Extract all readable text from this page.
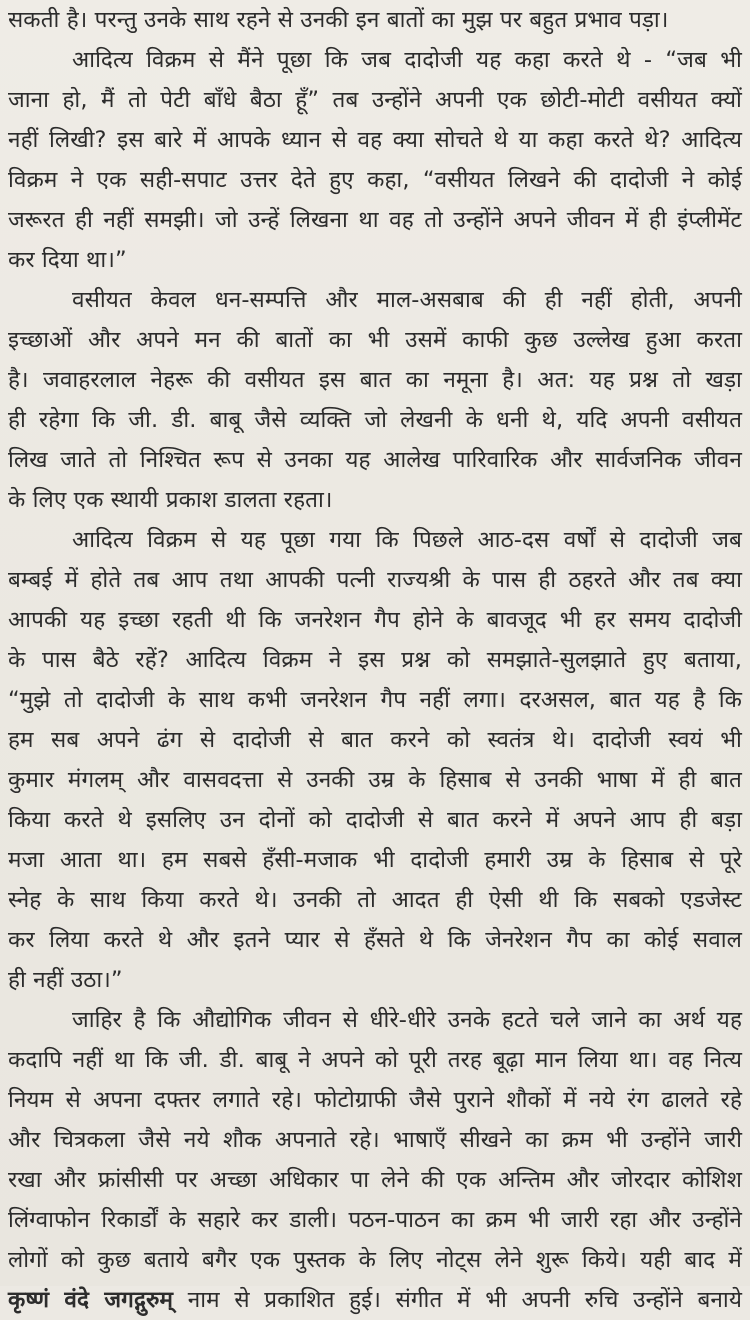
सकती है। परन्तु उनके साथ रहने से उनकी इन बातों का मुझ पर बहुत प्रभाव पड़ा।
आदित्य विक्रम से मैंने पूछा कि जब दादोजी यह कहा करते थे - “जब भी
जाना हो, मैं तो पेटी बाँधे बैठा हूँ” तब उन्होंने अपनी एक छोटी-मोटी वसीयत क्यों
नहीं लिखी? इस बारे में आपके ध्यान से वह क्या सोचते थे या कहा करते थे? आदित्य
विक्रम ने एक सही-सपाट उत्तर देते हुए कहा, “वसीयत लिखने की दादोजी ने कोई
जरूरत ही नहीं समझी। जो उन्हें लिखना था वह तो उन्होंने अपने जीवन में ही इंप्लीमेंट
कर दिया था।”
वसीयत केवल धन-सम्पत्ति और माल-असबाब की ही नहीं होती, अपनी
इच्छाओं और अपने मन की बातों का भी उसमें काफी कुछ उल्लेख हुआ करता
है। जवाहरलाल नेहरू की वसीयत इस बात का नमूना है। अत: यह प्रश्न तो खड़ा
ही रहेगा कि जी. डी. बाबू जैसे व्यक्ति जो लेखनी के धनी थे, यदि अपनी वसीयत
लिख जाते तो निश्चित रूप से उनका यह आलेख पारिवारिक और सार्वजनिक जीवन
के लिए एक स्थायी प्रकाश डालता रहता।
आदित्य विक्रम से यह पूछा गया कि पिछले आठ-दस वर्षों से दादोजी जब
बम्बई में होते तब आप तथा आपकी पत्नी राज्यश्री के पास ही ठहरते और तब क्या
आपकी यह इच्छा रहती थी कि जनरेशन गैप होने के बावजूद भी हर समय दादोजी
के पास बैठे रहें? आदित्य विक्रम ने इस प्रश्न को समझाते-सुलझाते हुए बताया,
“मुझे तो दादोजी के साथ कभी जनरेशन गैप नहीं लगा। दरअसल, बात यह है कि
हम सब अपने ढंग से दादोजी से बात करने को स्वतंत्र थे। दादोजी स्वयं भी
कुमार मंगलम् और वासवदत्ता से उनकी उम्र के हिसाब से उनकी भाषा में ही बात
किया करते थे इसलिए उन दोनों को दादोजी से बात करने में अपने आप ही बड़ा
मजा आता था। हम सबसे हँसी-मजाक भी दादोजी हमारी उम्र के हिसाब से पूरे
स्नेह के साथ किया करते थे। उनकी तो आदत ही ऐसी थी कि सबको एडजेस्ट
कर लिया करते थे और इतने प्यार से हँसते थे कि जेनरेशन गैप का कोई सवाल
ही नहीं उठा।”
जाहिर है कि औद्योगिक जीवन से धीरे-धीरे उनके हटते चले जाने का अर्थ यह
कदापि नहीं था कि जी. डी. बाबू ने अपने को पूरी तरह बूढ़ा मान लिया था। वह नित्य
नियम से अपना दफ्तर लगाते रहे। फोटोग्राफी जैसे पुराने शौकों में नये रंग ढालते रहे
और चित्रकला जैसे नये शौक अपनाते रहे। भाषाएँ सीखने का क्रम भी उन्होंने जारी
रखा और फ्रांसीसी पर अच्छा अधिकार पा लेने की एक अन्तिम और जोरदार कोशिश
लिंग्वाफोन रिकार्डों के सहारे कर डाली। पठन-पाठन का क्रम भी जारी रहा और उन्होंने
लोगों को कुछ बताये बगैर एक पुस्तक के लिए नोट्स लेने शुरू किये। यही बाद में
कृष्णं वंदे जगद्गुरुम् नाम से प्रकाशित हुई। संगीत में भी अपनी रुचि उन्होंने बनाये
